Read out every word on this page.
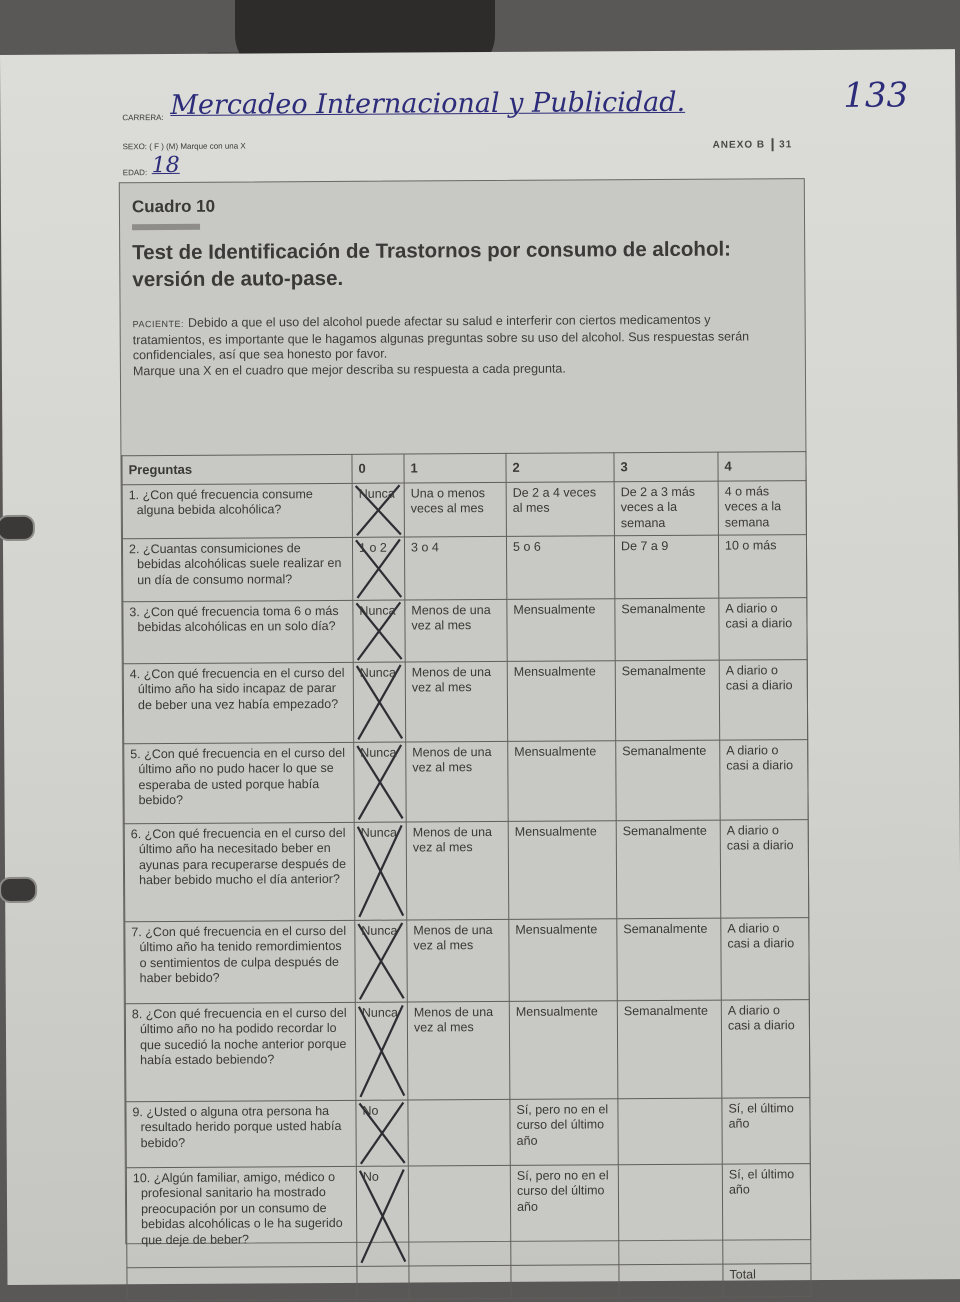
CARRERA: Mercadeo Internacional y Publicidad.	133
SEXO: ( F ) (M) Marque con una X
EDAD: 18
ANEXO B 31
Cuadro 10
Test de Identificación de Trastornos por consumo de alcohol: versión de auto-pase.
PACIENTE: Debido a que el uso del alcohol puede afectar su salud e interferir con ciertos medicamentos y tratamientos, es importante que le hagamos algunas preguntas sobre su uso del alcohol. Sus respuestas serán confidenciales, así que sea honesto por favor.
Marque una X en el cuadro que mejor describa su respuesta a cada pregunta.
Preguntas	0	1	2	3	4
1. ¿Con qué frecuencia consume alguna bebida alcohólica?	Nunca	Una o menos veces al mes	De 2 a 4 veces al mes	De 2 a 3 más veces a la semana	4 o más veces a la semana
2. ¿Cuantas consumiciones de bebidas alcohólicas suele realizar en un día de consumo normal?	1 o 2	3 o 4	5 o 6	De 7 a 9	10 o más
3. ¿Con qué frecuencia toma 6 o más bebidas alcohólicas en un solo día?	Nunca	Menos de una vez al mes	Mensualmente	Semanalmente	A diario o casi a diario
4. ¿Con qué frecuencia en el curso del último año ha sido incapaz de parar de beber una vez había empezado?	Nunca	Menos de una vez al mes	Mensualmente	Semanalmente	A diario o casi a diario
5. ¿Con qué frecuencia en el curso del último año no pudo hacer lo que se esperaba de usted porque había bebido?	Nunca	Menos de una vez al mes	Mensualmente	Semanalmente	A diario o casi a diario
6. ¿Con qué frecuencia en el curso del último año ha necesitado beber en ayunas para recuperarse después de haber bebido mucho el día anterior?	Nunca	Menos de una vez al mes	Mensualmente	Semanalmente	A diario o casi a diario
7. ¿Con qué frecuencia en el curso del último año ha tenido remordimientos o sentimientos de culpa después de haber bebido?	Nunca	Menos de una vez al mes	Mensualmente	Semanalmente	A diario o casi a diario
8. ¿Con qué frecuencia en el curso del último año no ha podido recordar lo que sucedió la noche anterior porque había estado bebiendo?	Nunca	Menos de una vez al mes	Mensualmente	Semanalmente	A diario o casi a diario
9. ¿Usted o alguna otra persona ha resultado herido porque usted había bebido?	No		Sí, pero no en el curso del último año		Sí, el último año
10. ¿Algún familiar, amigo, médico o profesional sanitario ha mostrado preocupación por un consumo de bebidas alcohólicas o le ha sugerido que deje de beber?	No		Sí, pero no en el curso del último año		Sí, el último año
					Total
